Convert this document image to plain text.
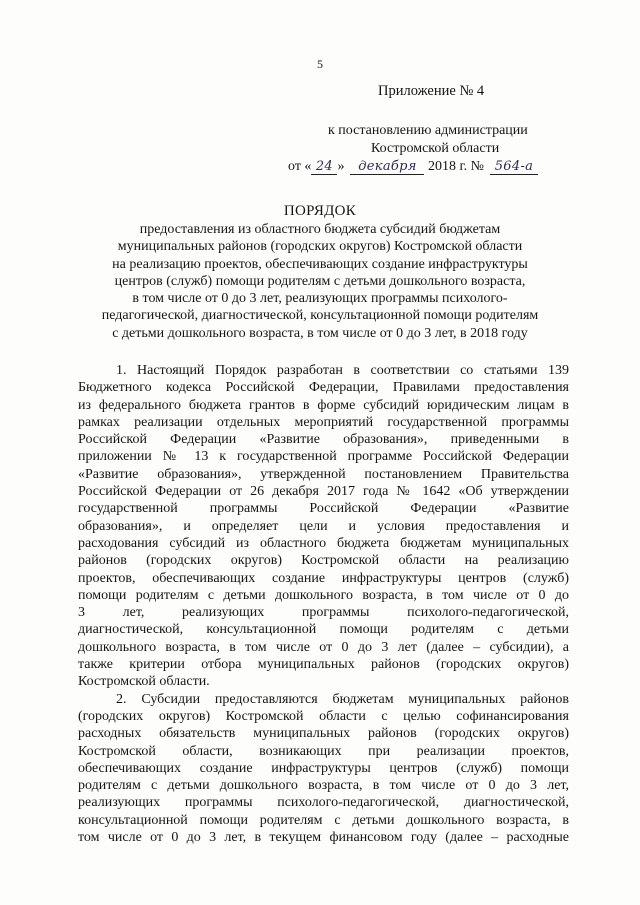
5
Приложение № 4
к постановлению администрации
Костромской области
от « 24 » декабря 2018 г. № 564-а
ПОРЯДОК
предоставления из областного бюджета субсидий бюджетам
муниципальных районов (городских округов) Костромской области
на реализацию проектов, обеспечивающих создание инфраструктуры
центров (служб) помощи родителям с детьми дошкольного возраста,
в том числе от 0 до 3 лет, реализующих программы психолого-
педагогической, диагностической, консультационной помощи родителям
с детьми дошкольного возраста, в том числе от 0 до 3 лет, в 2018 году
1. Настоящий Порядок разработан в соответствии со статьями 139
Бюджетного кодекса Российской Федерации, Правилами предоставления
из федерального бюджета грантов в форме субсидий юридическим лицам в
рамках реализации отдельных мероприятий государственной программы
Российской Федерации «Развитие образования», приведенными в
приложении № 13 к государственной программе Российской Федерации
«Развитие образования», утвержденной постановлением Правительства
Российской Федерации от 26 декабря 2017 года № 1642 «Об утверждении
государственной программы Российской Федерации «Развитие
образования», и определяет цели и условия предоставления и
расходования субсидий из областного бюджета бюджетам муниципальных
районов (городских округов) Костромской области на реализацию
проектов, обеспечивающих создание инфраструктуры центров (служб)
помощи родителям с детьми дошкольного возраста, в том числе от 0 до
3 лет, реализующих программы психолого-педагогической,
диагностической, консультационной помощи родителям с детьми
дошкольного возраста, в том числе от 0 до 3 лет (далее – субсидии), а
также критерии отбора муниципальных районов (городских округов)
Костромской области.
2. Субсидии предоставляются бюджетам муниципальных районов
(городских округов) Костромской области с целью софинансирования
расходных обязательств муниципальных районов (городских округов)
Костромской области, возникающих при реализации проектов,
обеспечивающих создание инфраструктуры центров (служб) помощи
родителям с детьми дошкольного возраста, в том числе от 0 до 3 лет,
реализующих программы психолого-педагогической, диагностической,
консультационной помощи родителям с детьми дошкольного возраста, в
том числе от 0 до 3 лет, в текущем финансовом году (далее – расходные
